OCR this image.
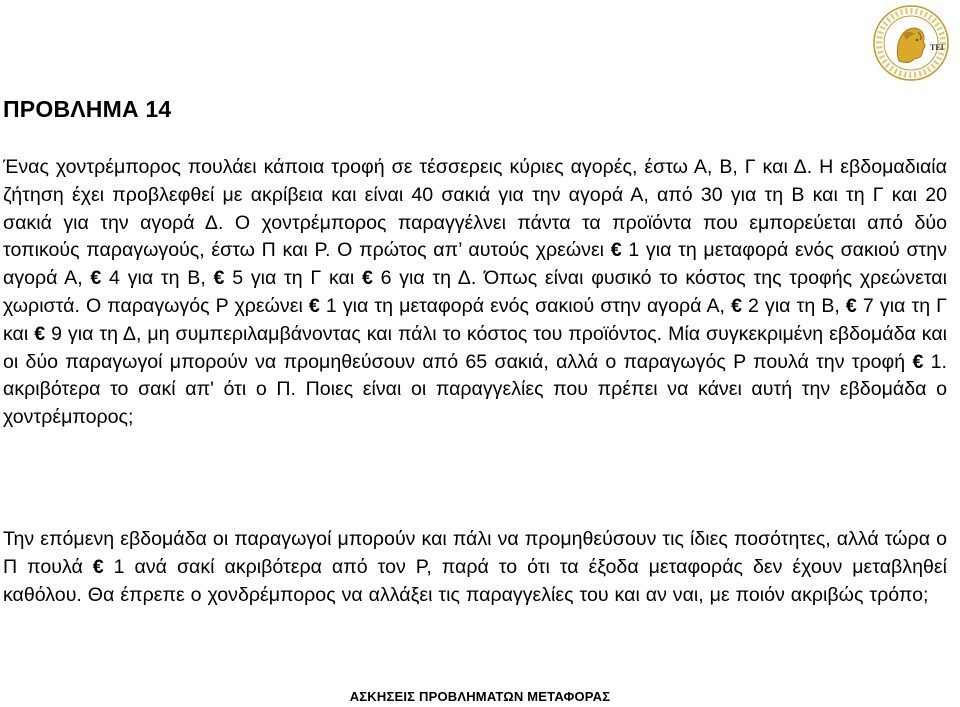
ΤΕΙ
ΠΡΟΒΛΗΜΑ 14

Ένας χοντρέμπορος πουλάει κάποια τροφή σε τέσσερεις κύριες αγορές, έστω Α, Β, Γ και Δ. Η εβδομαδιαία ζήτηση έχει προβλεφθεί με ακρίβεια και είναι 40 σακιά για την αγορά Α, από 30 για τη Β και τη Γ και 20 σακιά για την αγορά Δ. Ο χοντρέμπορος παραγγέλνει πάντα τα προϊόντα που εμπορεύεται από δύο τοπικούς παραγωγούς, έστω Π και Ρ. Ο πρώτος απ’ αυτούς χρεώνει € 1 για τη μεταφορά ενός σακιού στην αγορά Α, € 4 για τη Β, € 5 για τη Γ και € 6 για τη Δ. Όπως είναι φυσικό το κόστος της τροφής χρεώνεται χωριστά. Ο παραγωγός Ρ χρεώνει € 1 για τη μεταφορά ενός σακιού στην αγορά Α, € 2 για τη Β, € 7 για τη Γ και € 9 για τη Δ, μη συμπεριλαμβάνοντας και πάλι το κόστος του προϊόντος. Μία συγκεκριμένη εβδομάδα και οι δύο παραγωγοί μπορούν να προμηθεύσουν από 65 σακιά, αλλά ο παραγωγός Ρ πουλά την τροφή € 1. ακριβότερα το σακί απ' ότι ο Π. Ποιες είναι οι παραγγελίες που πρέπει να κάνει αυτή την εβδομάδα ο χοντρέμπορος;

Την επόμενη εβδομάδα οι παραγωγοί μπορούν και πάλι να προμηθεύσουν τις ίδιες ποσότητες, αλλά τώρα ο Π πουλά € 1 ανά σακί ακριβότερα από τον Ρ, παρά το ότι τα έξοδα μεταφοράς δεν έχουν μεταβληθεί καθόλου. Θα έπρεπε ο χονδρέμπορος να αλλάξει τις παραγγελίες του και αν ναι, με ποιόν ακριβώς τρόπο;

ΑΣΚΗΣΕΙΣ ΠΡΟΒΛΗΜΑΤΩΝ ΜΕΤΑΦΟΡΑΣ
